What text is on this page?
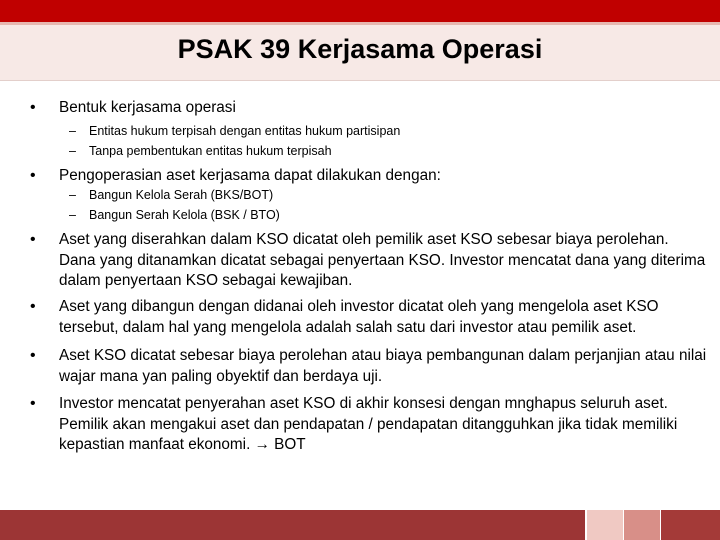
PSAK 39 Kerjasama Operasi
• Bentuk kerjasama operasi
– Entitas hukum terpisah dengan entitas hukum partisipan
– Tanpa pembentukan entitas hukum terpisah
• Pengoperasian aset kerjasama dapat dilakukan dengan:
– Bangun Kelola Serah (BKS/BOT)
– Bangun Serah Kelola (BSK / BTO)
• Aset yang diserahkan dalam KSO dicatat oleh pemilik aset KSO sebesar biaya perolehan. Dana yang ditanamkan dicatat sebagai penyertaan KSO. Investor mencatat dana yang diterima dalam penyertaan KSO sebagai kewajiban.
• Aset yang dibangun dengan didanai oleh investor dicatat oleh yang mengelola aset KSO tersebut, dalam hal yang mengelola adalah salah satu dari investor atau pemilik aset.
• Aset KSO dicatat sebesar biaya perolehan atau biaya pembangunan dalam perjanjian atau nilai wajar mana yan paling obyektif dan berdaya uji.
• Investor mencatat penyerahan aset KSO di akhir konsesi dengan mnghapus seluruh aset. Pemilik akan mengakui aset dan pendapatan / pendapatan ditangguhkan jika tidak memiliki kepastian manfaat ekonomi. → BOT
